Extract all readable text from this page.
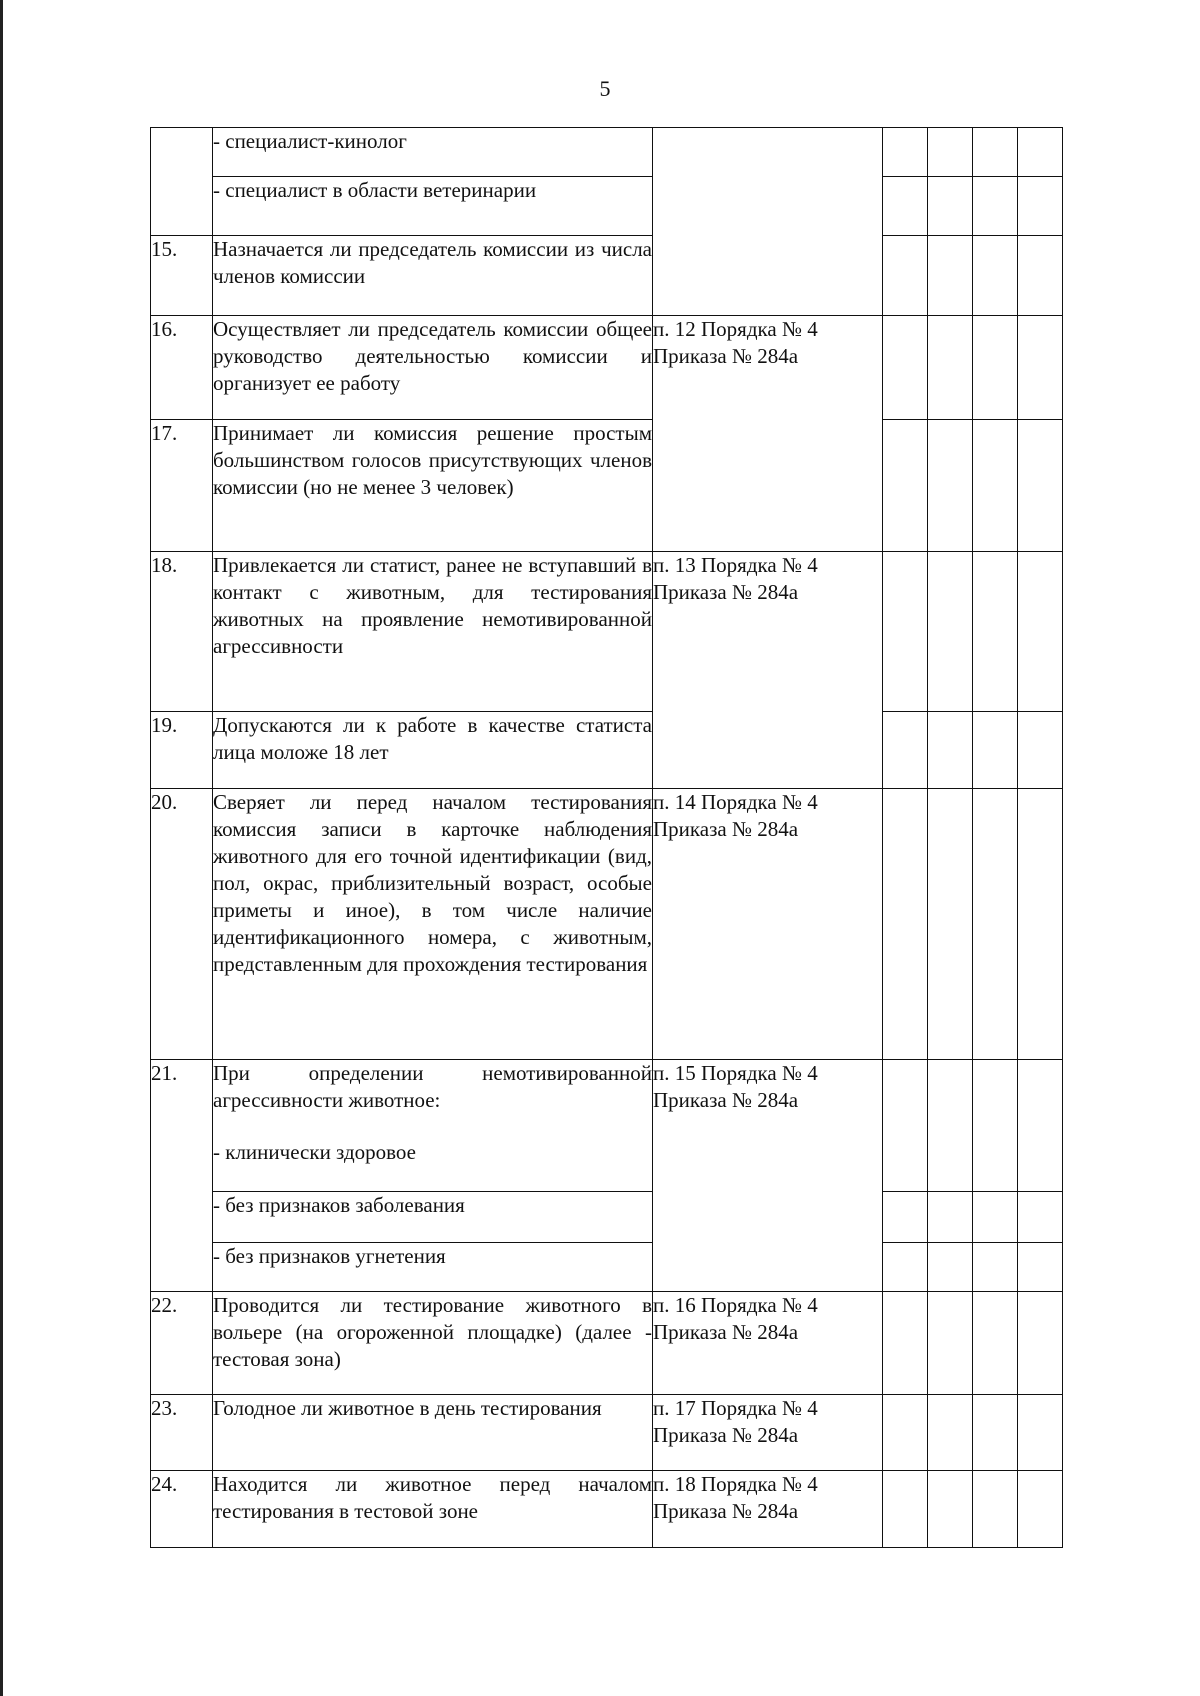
5
	- специалист-кинолог					
	- специалист в области ветеринарии					
15.	Назначается ли председатель комиссии из числа членов комиссии					
16.	Осуществляет ли председатель комиссии общее руководство деятельностью комиссии и организует ее работу	п. 12 Порядка № 4
Приказа № 284а				

17.	Принимает ли комиссия решение простым большинством голосов присутствующих членов комиссии (но не менее 3 человек)					
18.	Привлекается ли статист, ранее не вступавший в контакт с животным, для тестирования животных на проявление немотивированной агрессивности	п. 13 Порядка № 4
Приказа № 284а				

19.	Допускаются ли к работе в качестве статиста лица моложе 18 лет					
20.	Сверяет ли перед началом тестирования комиссия записи в карточке наблюдения животного для его точной идентификации (вид, пол, окрас, приблизительный возраст, особые приметы и иное), в том числе наличие идентификационного номера, с животным, представленным для прохождения тестирования	п. 14 Порядка № 4
Приказа № 284а				

21.	При определении немотивированной агрессивности животное:
- клинически здоровое	п. 15 Порядка № 4
Приказа № 284а				

	- без признаков заболевания					
	- без признаков угнетения					
22.	Проводится ли тестирование животного в вольере (на огороженной площадке) (далее - тестовая зона)	п. 16 Порядка № 4
Приказа № 284а				

23.	Голодное ли животное в день тестирования	п. 17 Порядка № 4
Приказа № 284а				

24.	Находится ли животное перед началом тестирования в тестовой зоне	п. 18 Порядка № 4
Приказа № 284а				
